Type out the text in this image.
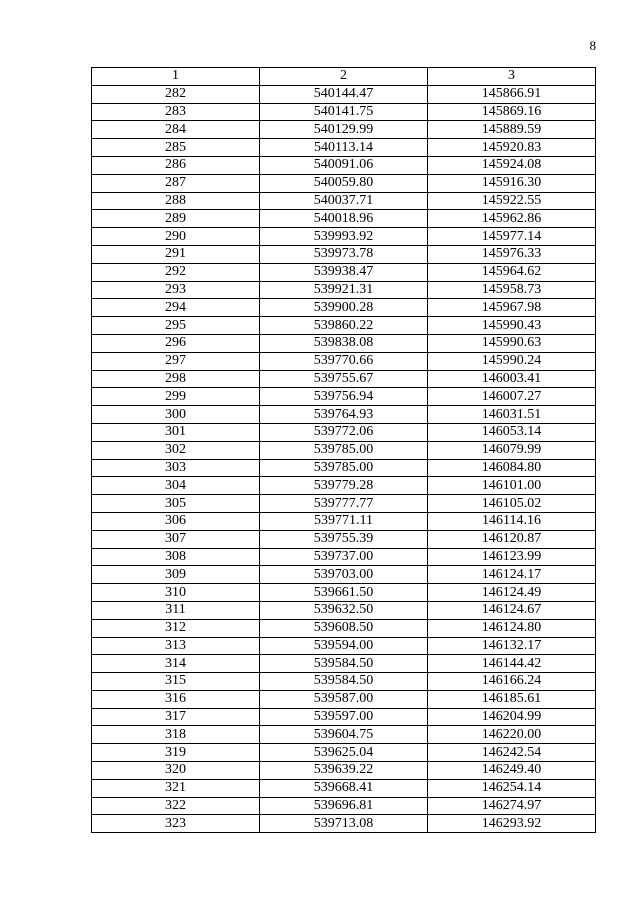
8
1	2	3
282	540144.47	145866.91
283	540141.75	145869.16
284	540129.99	145889.59
285	540113.14	145920.83
286	540091.06	145924.08
287	540059.80	145916.30
288	540037.71	145922.55
289	540018.96	145962.86
290	539993.92	145977.14
291	539973.78	145976.33
292	539938.47	145964.62
293	539921.31	145958.73
294	539900.28	145967.98
295	539860.22	145990.43
296	539838.08	145990.63
297	539770.66	145990.24
298	539755.67	146003.41
299	539756.94	146007.27
300	539764.93	146031.51
301	539772.06	146053.14
302	539785.00	146079.99
303	539785.00	146084.80
304	539779.28	146101.00
305	539777.77	146105.02
306	539771.11	146114.16
307	539755.39	146120.87
308	539737.00	146123.99
309	539703.00	146124.17
310	539661.50	146124.49
311	539632.50	146124.67
312	539608.50	146124.80
313	539594.00	146132.17
314	539584.50	146144.42
315	539584.50	146166.24
316	539587.00	146185.61
317	539597.00	146204.99
318	539604.75	146220.00
319	539625.04	146242.54
320	539639.22	146249.40
321	539668.41	146254.14
322	539696.81	146274.97
323	539713.08	146293.92
